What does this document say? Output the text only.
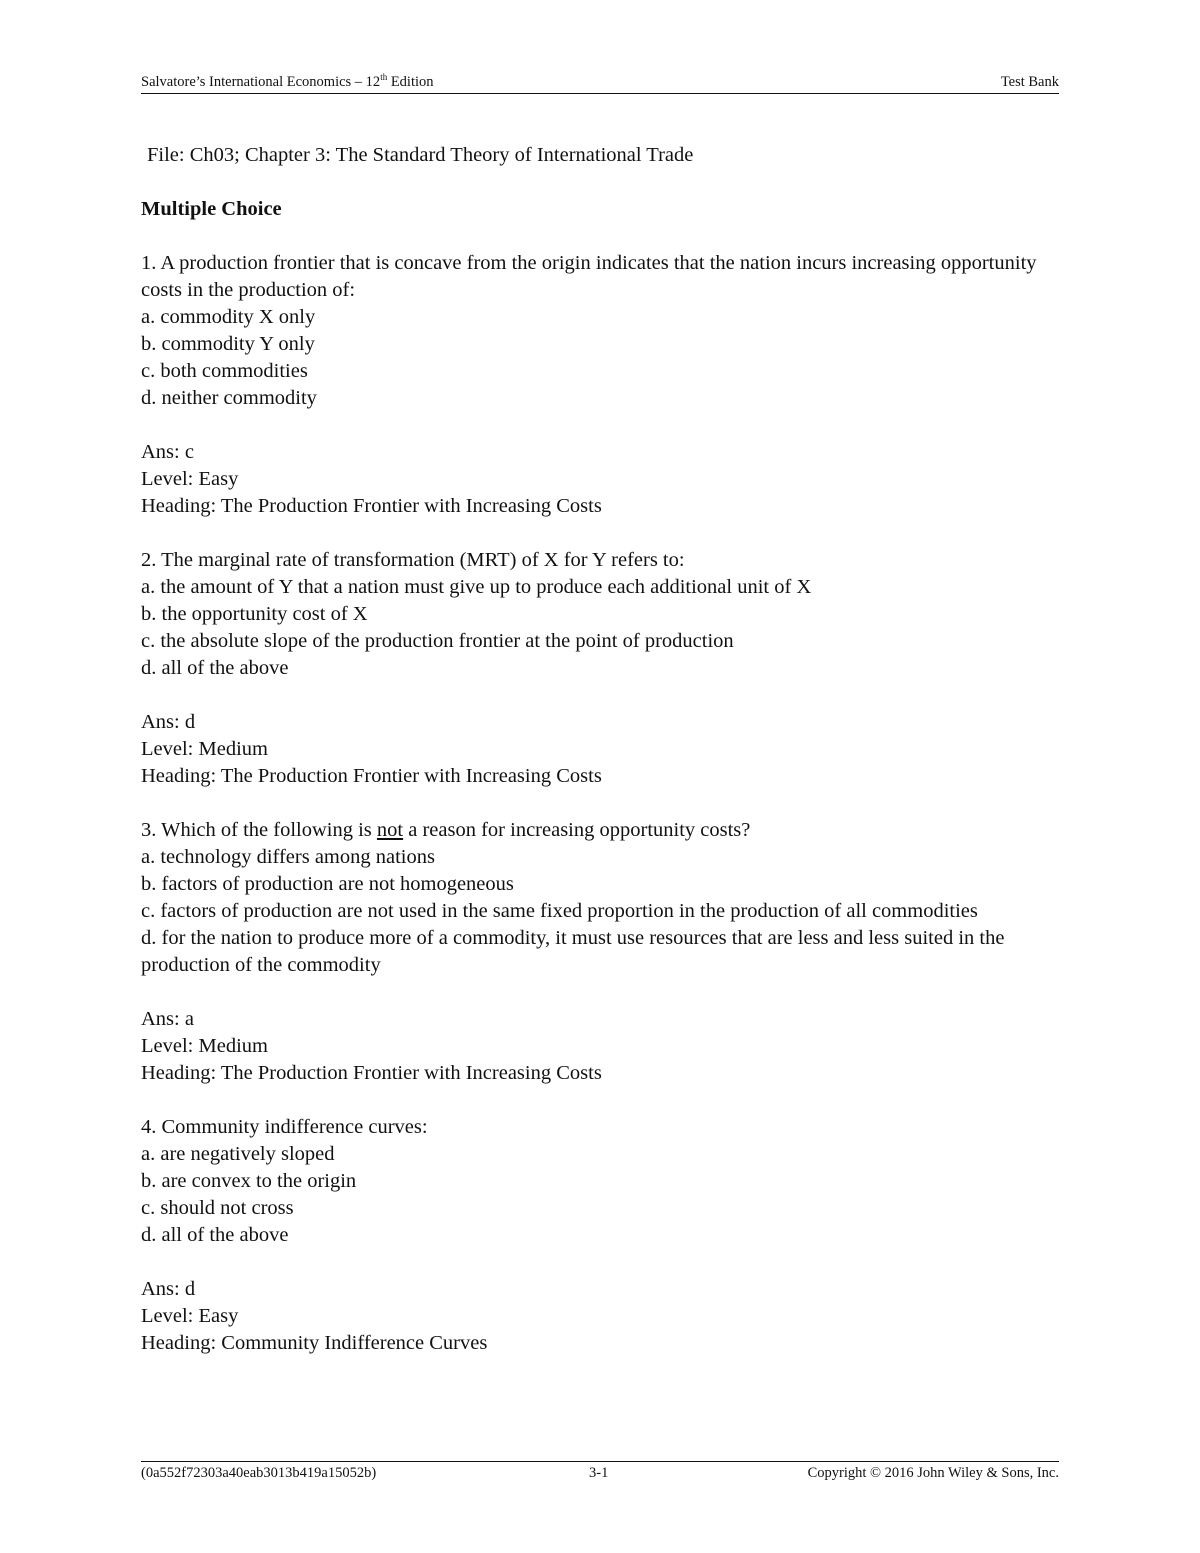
Salvatore’s International Economics – 12th Edition	Test Bank

File: Ch03; Chapter 3: The Standard Theory of International Trade

Multiple Choice

1. A production frontier that is concave from the origin indicates that the nation incurs increasing opportunity costs in the production of:

a. commodity X only

b. commodity Y only

c. both commodities

d. neither commodity

Ans: c

Level: Easy

Heading: The Production Frontier with Increasing Costs

2. The marginal rate of transformation (MRT) of X for Y refers to:

a. the amount of Y that a nation must give up to produce each additional unit of X

b. the opportunity cost of X

c. the absolute slope of the production frontier at the point of production

d. all of the above

Ans: d

Level: Medium

Heading: The Production Frontier with Increasing Costs

3. Which of the following is not a reason for increasing opportunity costs?

a. technology differs among nations

b. factors of production are not homogeneous

c. factors of production are not used in the same fixed proportion in the production of all commodities

d. for the nation to produce more of a commodity, it must use resources that are less and less suited in the production of the commodity

Ans: a

Level: Medium

Heading: The Production Frontier with Increasing Costs

4. Community indifference curves:

a. are negatively sloped

b. are convex to the origin

c. should not cross

d. all of the above

Ans: d

Level: Easy

Heading: Community Indifference Curves

(0a552f72303a40eab3013b419a15052b)	3-1	Copyright © 2016 John Wiley & Sons, Inc.
